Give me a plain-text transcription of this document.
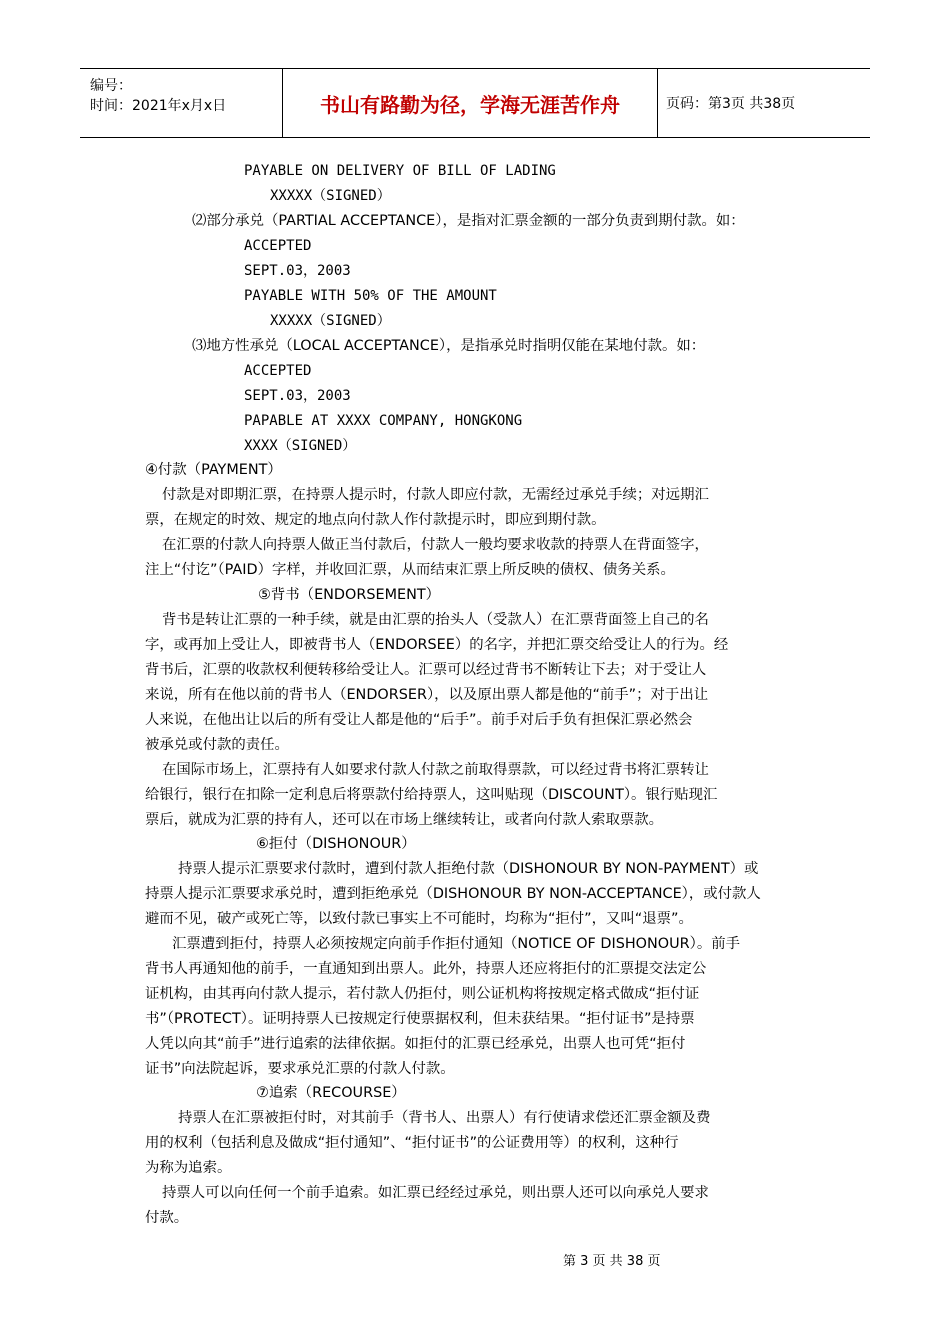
编号：
时间：2021年x月x日	书山有路勤为径，学海无涯苦作舟	页码：第3页 共38页
PAYABLE ON DELIVERY OF BILL OF LADING
XXXXX（SIGNED）
⑵部分承兑（PARTIAL ACCEPTANCE），是指对汇票金额的一部分负责到期付款。如：
ACCEPTED
SEPT.03，2003
PAYABLE WITH 50% OF THE AMOUNT
XXXXX（SIGNED）
⑶地方性承兑（LOCAL ACCEPTANCE），是指承兑时指明仅能在某地付款。如：
ACCEPTED
SEPT.03，2003
PAPABLE AT XXXX COMPANY, HONGKONG
XXXX（SIGNED）
④付款（PAYMENT）
付款是对即期汇票，在持票人提示时，付款人即应付款，无需经过承兑手续；对远期汇
票，在规定的时效、规定的地点向付款人作付款提示时，即应到期付款。
在汇票的付款人向持票人做正当付款后，付款人一般均要求收款的持票人在背面签字，
注上“付讫”（PAID）字样，并收回汇票，从而结束汇票上所反映的债权、债务关系。
⑤背书（ENDORSEMENT）
背书是转让汇票的一种手续，就是由汇票的抬头人（受款人）在汇票背面签上自己的名
字，或再加上受让人，即被背书人（ENDORSEE）的名字，并把汇票交给受让人的行为。经
背书后，汇票的收款权利便转移给受让人。汇票可以经过背书不断转让下去；对于受让人
来说，所有在他以前的背书人（ENDORSER），以及原出票人都是他的“前手”；对于出让
人来说，在他出让以后的所有受让人都是他的“后手”。前手对后手负有担保汇票必然会
被承兑或付款的责任。
在国际市场上，汇票持有人如要求付款人付款之前取得票款，可以经过背书将汇票转让
给银行，银行在扣除一定利息后将票款付给持票人，这叫贴现（DISCOUNT）。银行贴现汇
票后，就成为汇票的持有人，还可以在市场上继续转让，或者向付款人索取票款。
⑥拒付（DISHONOUR）
持票人提示汇票要求付款时，遭到付款人拒绝付款（DISHONOUR BY NON-PAYMENT）或
持票人提示汇票要求承兑时，遭到拒绝承兑（DISHONOUR BY NON-ACCEPTANCE），或付款人
避而不见，破产或死亡等，以致付款已事实上不可能时，均称为“拒付”，又叫“退票”。
汇票遭到拒付，持票人必须按规定向前手作拒付通知（NOTICE OF DISHONOUR）。前手
背书人再通知他的前手，一直通知到出票人。此外，持票人还应将拒付的汇票提交法定公
证机构，由其再向付款人提示，若付款人仍拒付，则公证机构将按规定格式做成“拒付证
书”（PROTECT）。证明持票人已按规定行使票据权利，但未获结果。“拒付证书”是持票
人凭以向其“前手”进行追索的法律依据。如拒付的汇票已经承兑，出票人也可凭“拒付
证书”向法院起诉，要求承兑汇票的付款人付款。
⑦追索（RECOURSE）
持票人在汇票被拒付时，对其前手（背书人、出票人）有行使请求偿还汇票金额及费
用的权利（包括利息及做成“拒付通知”、“拒付证书”的公证费用等）的权利，这种行
为称为追索。
持票人可以向任何一个前手追索。如汇票已经经过承兑，则出票人还可以向承兑人要求
付款。
第 3 页 共 38 页
